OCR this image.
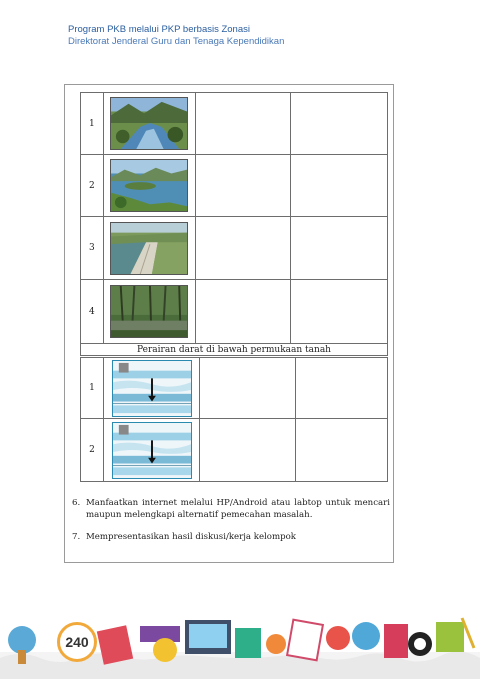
Program PKB melalui PKP berbasis Zonasi
Direktorat Jenderal Guru dan Tenaga Kependidikan
1	

2	

3	

4	

Perairan darat di bawah permukaan tanah			
1	

2	

6. Manfaatkan internet melalui HP/Android atau labtop untuk mencari maupun melengkapi alternatif pemecahan masalah.
7. Mempresentasikan hasil diskusi/kerja kelompok
240
